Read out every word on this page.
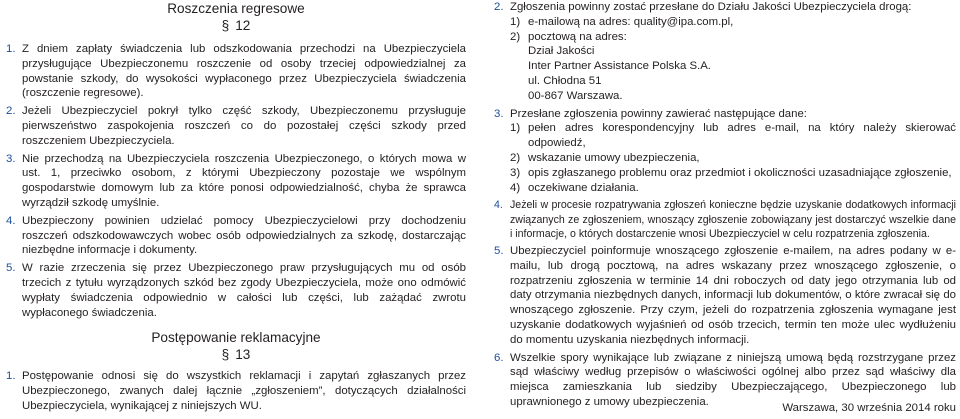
Roszczenia regresowe
§ 12
1. Z dniem zapłaty świadczenia lub odszkodowania przechodzi na Ubezpieczyciela przysługujące Ubezpieczonemu roszczenie od osoby trzeciej odpowiedzialnej za powstanie szkody, do wysokości wypłaconego przez Ubezpieczyciela świadczenia (roszczenie regresowe).
2. Jeżeli Ubezpieczyciel pokrył tylko część szkody, Ubezpieczonemu przysługuje pierwszeństwo zaspokojenia roszczeń co do pozostałej części szkody przed roszczeniem Ubezpieczyciela.
3. Nie przechodzą na Ubezpieczyciela roszczenia Ubezpieczonego, o których mowa w ust. 1, przeciwko osobom, z którymi Ubezpieczony pozostaje we wspólnym gospodarstwie domowym lub za które ponosi odpowiedzialność, chyba że sprawca wyrządził szkodę umyślnie.
4. Ubezpieczony powinien udzielać pomocy Ubezpieczycielowi przy dochodzeniu roszczeń odszkodowawczych wobec osób odpowiedzialnych za szkodę, dostarczając niezbędne informacje i dokumenty.
5. W razie zrzeczenia się przez Ubezpieczonego praw przysługujących mu od osób trzecich z tytułu wyrządzonych szkód bez zgody Ubezpieczyciela, może ono odmówić wypłaty świadczenia odpowiednio w całości lub części, lub zażądać zwrotu wypłaconego świadczenia.
Postępowanie reklamacyjne
§ 13
1. Postępowanie odnosi się do wszystkich reklamacji i zapytań zgłaszanych przez Ubezpieczonego, zwanych dalej łącznie „zgłoszeniem”, dotyczących działalności Ubezpieczyciela, wynikającej z niniejszych WU.
2. Zgłoszenia powinny zostać przesłane do Działu Jakości Ubezpieczyciela drogą:
1) e-mailową na adres: quality@ipa.com.pl,
2) pocztową na adres:
Dział Jakości
Inter Partner Assistance Polska S.A.
ul. Chłodna 51
00-867 Warszawa.
3. Przesłane zgłoszenia powinny zawierać następujące dane:
1) pełen adres korespondencyjny lub adres e-mail, na który należy skierować odpowiedź,
2) wskazanie umowy ubezpieczenia,
3) opis zgłaszanego problemu oraz przedmiot i okoliczności uzasadniające zgłoszenie,
4) oczekiwane działania.
4. Jeżeli w procesie rozpatrywania zgłoszeń konieczne będzie uzyskanie dodatkowych informacji związanych ze zgłoszeniem, wnoszący zgłoszenie zobowiązany jest dostarczyć wszelkie dane i informacje, o których dostarczenie wnosi Ubezpieczyciel w celu rozpatrzenia zgłoszenia.
5. Ubezpieczyciel poinformuje wnoszącego zgłoszenie e-mailem, na adres podany w e-mailu, lub drogą pocztową, na adres wskazany przez wnoszącego zgłoszenie, o rozpatrzeniu zgłoszenia w terminie 14 dni roboczych od daty jego otrzymania lub od daty otrzymania niezbędnych danych, informacji lub dokumentów, o które zwracał się do wnoszącego zgłoszenie. Przy czym, jeżeli do rozpatrzenia zgłoszenia wymagane jest uzyskanie dodatkowych wyjaśnień od osób trzecich, termin ten może ulec wydłużeniu do momentu uzyskania niezbędnych informacji.
6. Wszelkie spory wynikające lub związane z niniejszą umową będą rozstrzygane przez sąd właściwy według przepisów o właściwości ogólnej albo przez sąd właściwy dla miejsca zamieszkania lub siedziby Ubezpieczającego, Ubezpieczonego lub uprawnionego z umowy ubezpieczenia.
Warszawa, 30 września 2014 roku
